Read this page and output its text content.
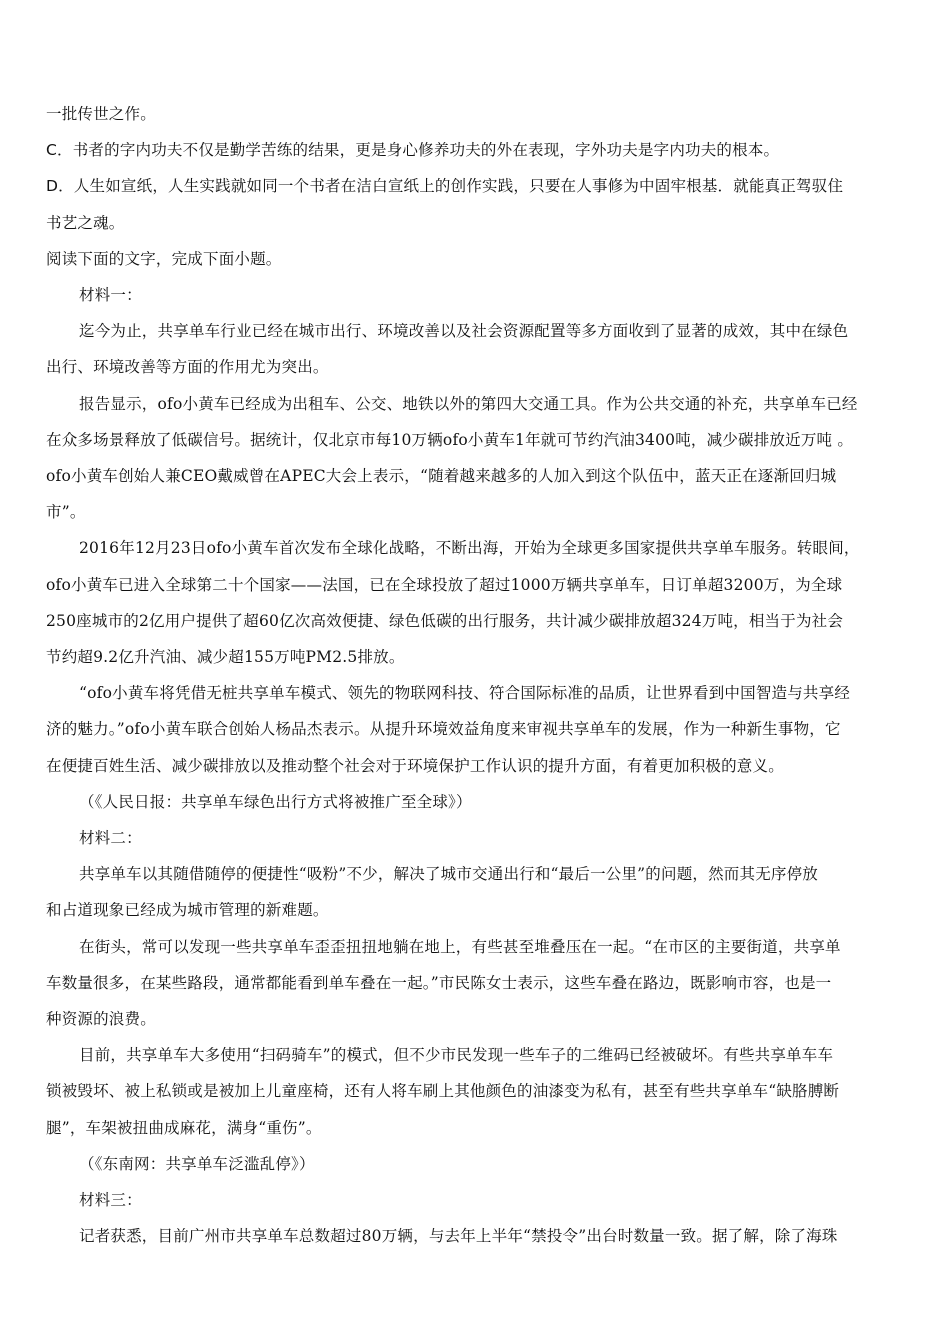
一批传世之作。

C．书者的字内功夫不仅是勤学苦练的结果，更是身心修养功夫的外在表现，字外功夫是字内功夫的根本。

D．人生如宣纸，人生实践就如同一个书者在洁白宣纸上的创作实践，只要在人事修为中固牢根基．就能真正驾驭住

书艺之魂。

阅读下面的文字，完成下面小题。

材料一：

迄今为止，共享单车行业已经在城市出行、环境改善以及社会资源配置等多方面收到了显著的成效，其中在绿色

出行、环境改善等方面的作用尤为突出。

报告显示，ofo小黄车已经成为出租车、公交、地铁以外的第四大交通工具。作为公共交通的补充，共享单车已经

在众多场景释放了低碳信号。据统计，仅北京市每10万辆ofo小黄车1年就可节约汽油3400吨，减少碳排放近万吨 。

ofo小黄车创始人兼CEO戴威曾在APEC大会上表示，“随着越来越多的人加入到这个队伍中，蓝天正在逐渐回归城

市”。

2016年12月23日ofo小黄车首次发布全球化战略，不断出海，开始为全球更多国家提供共享单车服务。转眼间，

ofo小黄车已进入全球第二十个国家——法国，已在全球投放了超过1000万辆共享单车，日订单超3200万，为全球

250座城市的2亿用户提供了超60亿次高效便捷、绿色低碳的出行服务，共计减少碳排放超324万吨，相当于为社会

节约超9.2亿升汽油、减少超155万吨PM2.5排放。

“ofo小黄车将凭借无桩共享单车模式、领先的物联网科技、符合国际标准的品质，让世界看到中国智造与共享经

济的魅力。”ofo小黄车联合创始人杨品杰表示。从提升环境效益角度来审视共享单车的发展，作为一种新生事物，它

在便捷百姓生活、减少碳排放以及推动整个社会对于环境保护工作认识的提升方面，有着更加积极的意义。

（《人民日报：共享单车绿色出行方式将被推广至全球》）

材料二：

共享单车以其随借随停的便捷性“吸粉”不少，解决了城市交通出行和“最后一公里”的问题，然而其无序停放

和占道现象已经成为城市管理的新难题。

在街头，常可以发现一些共享单车歪歪扭扭地躺在地上，有些甚至堆叠压在一起。“在市区的主要街道，共享单

车数量很多，在某些路段，通常都能看到单车叠在一起。”市民陈女士表示，这些车叠在路边，既影响市容，也是一

种资源的浪费。

目前，共享单车大多使用“扫码骑车”的模式，但不少市民发现一些车子的二维码已经被破坏。有些共享单车车

锁被毁坏、被上私锁或是被加上儿童座椅，还有人将车刷上其他颜色的油漆变为私有，甚至有些共享单车“缺胳膊断

腿”，车架被扭曲成麻花，满身“重伤”。

（《东南网：共享单车泛滥乱停》）

材料三：

记者获悉，目前广州市共享单车总数超过80万辆，与去年上半年“禁投令”出台时数量一致。据了解，除了海珠
